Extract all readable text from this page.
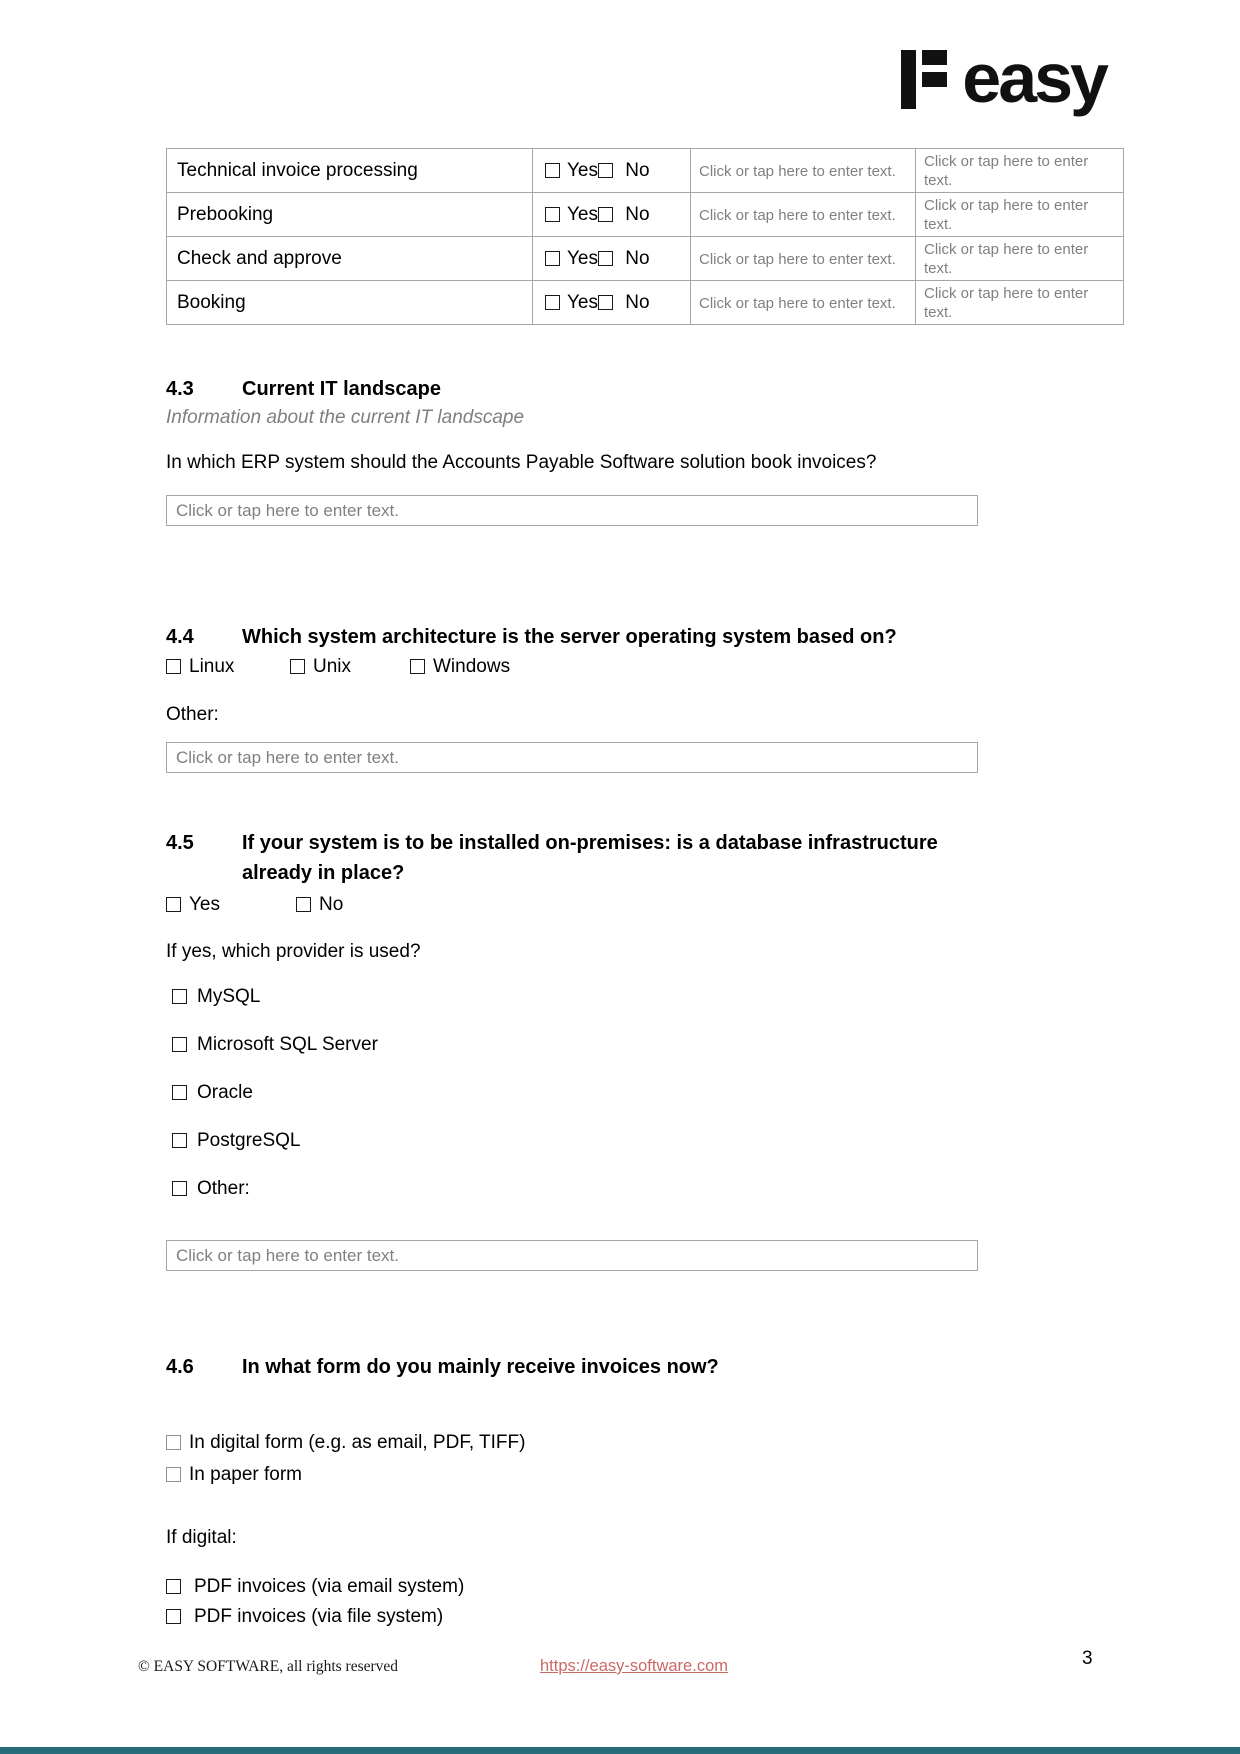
easy
Technical invoice processing	Yes No	Click or tap here to enter text.	Click or tap here to enter text.
Prebooking	Yes No	Click or tap here to enter text.	Click or tap here to enter text.
Check and approve	Yes No	Click or tap here to enter text.	Click or tap here to enter text.
Booking	Yes No	Click or tap here to enter text.	Click or tap here to enter text.
4.3 Current IT landscape
Information about the current IT landscape
In which ERP system should the Accounts Payable Software solution book invoices?
Click or tap here to enter text.
4.4 Which system architecture is the server operating system based on?
Linux	Unix	Windows
Other:
Click or tap here to enter text.
4.5 If your system is to be installed on-premises: is a database infrastructure
already in place?
Yes	No
If yes, which provider is used?
MySQL
Microsoft SQL Server
Oracle
PostgreSQL
Other:
Click or tap here to enter text.
4.6 In what form do you mainly receive invoices now?
In digital form (e.g. as email, PDF, TIFF)
In paper form
If digital:
PDF invoices (via email system)
PDF invoices (via file system)
© EASY SOFTWARE, all rights reserved	https://easy-software.com	3
